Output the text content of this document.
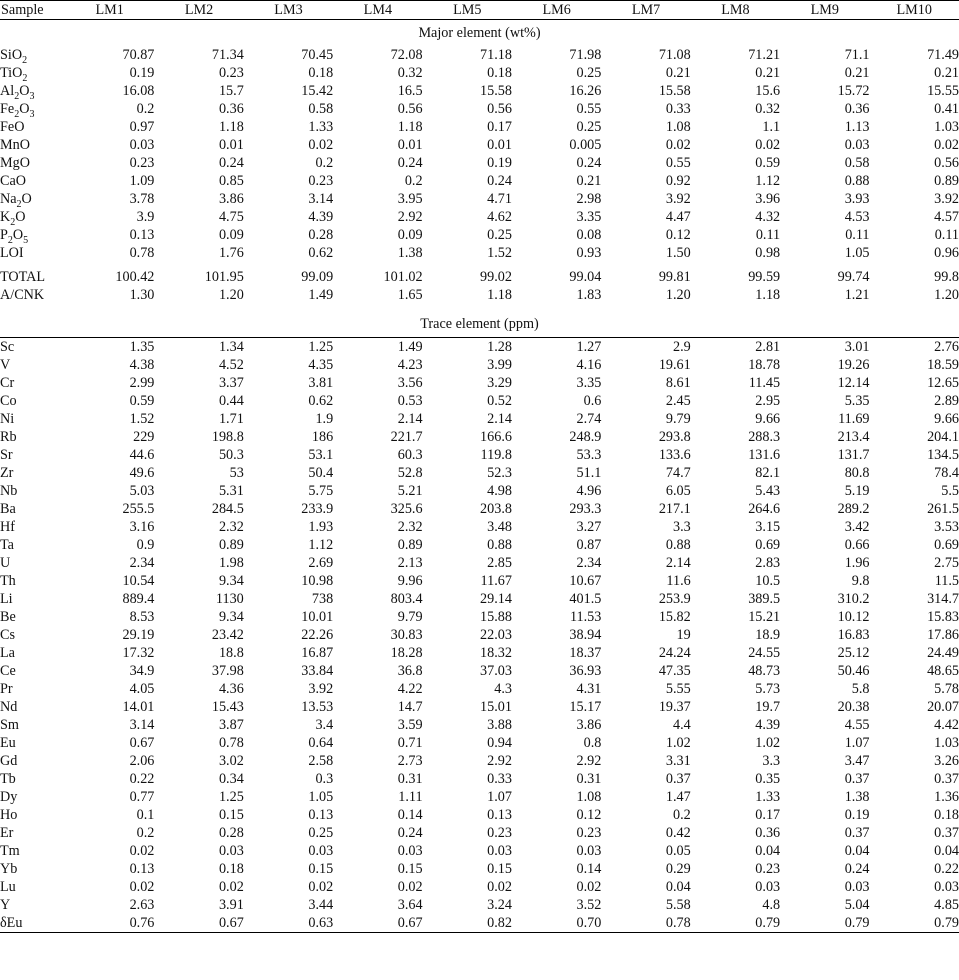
Sample	LM1	LM2	LM3	LM4	LM5	LM6	LM7	LM8	LM9	LM10
Major element (wt%)										
SiO$_2$	70.87	71.34	70.45	72.08	71.18	71.98	71.08	71.21	71.1	71.49
TiO$_2$	0.19	0.23	0.18	0.32	0.18	0.25	0.21	0.21	0.21	0.21
$Al_2O_3$	16.08	15.7	15.42	16.5	15.58	16.26	15.58	15.6	15.72	15.55
$Fe_2O_3$	0.2	0.36	0.58	0.56	0.56	0.55	0.33	0.32	0.36	0.41
FeO	0.97	1.18	1.33	1.18	0.17	0.25	1.08	1.1	1.13	1.03
MnO	0.03	0.01	0.02	0.01	0.01	0.005	0.02	0.02	0.03	0.02
MgO	0.23	0.24	0.2	0.24	0.19	0.24	0.55	0.59	0.58	0.56
CaO	1.09	0.85	0.23	0.2	0.24	0.21	0.92	1.12	0.88	0.89
$Na_2O$	3.78	3.86	3.14	3.95	4.71	2.98	3.92	3.96	3.93	3.92
$K_2O$	3.9	4.75	4.39	2.92	4.62	3.35	4.47	4.32	4.53	4.57
$P_2O_5$	0.13	0.09	0.28	0.09	0.25	0.08	0.12	0.11	0.11	0.11
LOI	0.78	1.76	0.62	1.38	1.52	0.93	1.50	0.98	1.05	0.96
TOTAL	100.42	101.95	99.09	101.02	99.02	99.04	99.81	99.59	99.74	99.8
A/CNK	1.30	1.20	1.49	1.65	1.18	1.83	1.20	1.18	1.21	1.20
Trace element (ppm)										
Sc	1.35	1.34	1.25	1.49	1.28	1.27	2.9	2.81	3.01	2.76
V	4.38	4.52	4.35	4.23	3.99	4.16	19.61	18.78	19.26	18.59
Cr	2.99	3.37	3.81	3.56	3.29	3.35	8.61	11.45	12.14	12.65
Co	0.59	0.44	0.62	0.53	0.52	0.6	2.45	2.95	5.35	2.89
Ni	1.52	1.71	1.9	2.14	2.14	2.74	9.79	9.66	11.69	9.66
Rb	229	198.8	186	221.7	166.6	248.9	293.8	288.3	213.4	204.1
Sr	44.6	50.3	53.1	60.3	119.8	53.3	133.6	131.6	131.7	134.5
Zr	49.6	53	50.4	52.8	52.3	51.1	74.7	82.1	80.8	78.4
Nb	5.03	5.31	5.75	5.21	4.98	4.96	6.05	5.43	5.19	5.5
Ba	255.5	284.5	233.9	325.6	203.8	293.3	217.1	264.6	289.2	261.5
Hf	3.16	2.32	1.93	2.32	3.48	3.27	3.3	3.15	3.42	3.53
Ta	0.9	0.89	1.12	0.89	0.88	0.87	0.88	0.69	0.66	0.69
U	2.34	1.98	2.69	2.13	2.85	2.34	2.14	2.83	1.96	2.75
Th	10.54	9.34	10.98	9.96	11.67	10.67	11.6	10.5	9.8	11.5
Li	889.4	1130	738	803.4	29.14	401.5	253.9	389.5	310.2	314.7
Be	8.53	9.34	10.01	9.79	15.88	11.53	15.82	15.21	10.12	15.83
Cs	29.19	23.42	22.26	30.83	22.03	38.94	19	18.9	16.83	17.86
La	17.32	18.8	16.87	18.28	18.32	18.37	24.24	24.55	25.12	24.49
Ce	34.9	37.98	33.84	36.8	37.03	36.93	47.35	48.73	50.46	48.65
Pr	4.05	4.36	3.92	4.22	4.3	4.31	5.55	5.73	5.8	5.78
Nd	14.01	15.43	13.53	14.7	15.01	15.17	19.37	19.7	20.38	20.07
Sm	3.14	3.87	3.4	3.59	3.88	3.86	4.4	4.39	4.55	4.42
Eu	0.67	0.78	0.64	0.71	0.94	0.8	1.02	1.02	1.07	1.03
Gd	2.06	3.02	2.58	2.73	2.92	2.92	3.31	3.3	3.47	3.26
Tb	0.22	0.34	0.3	0.31	0.33	0.31	0.37	0.35	0.37	0.37
Dy	0.77	1.25	1.05	1.11	1.07	1.08	1.47	1.33	1.38	1.36
Ho	0.1	0.15	0.13	0.14	0.13	0.12	0.2	0.17	0.19	0.18
Er	0.2	0.28	0.25	0.24	0.23	0.23	0.42	0.36	0.37	0.37
Tm	0.02	0.03	0.03	0.03	0.03	0.03	0.05	0.04	0.04	0.04
Yb	0.13	0.18	0.15	0.15	0.15	0.14	0.29	0.23	0.24	0.22
Lu	0.02	0.02	0.02	0.02	0.02	0.02	0.04	0.03	0.03	0.03
Y	2.63	3.91	3.44	3.64	3.24	3.52	5.58	4.8	5.04	4.85
δEu	0.76	0.67	0.63	0.67	0.82	0.70	0.78	0.79	0.79	0.79
